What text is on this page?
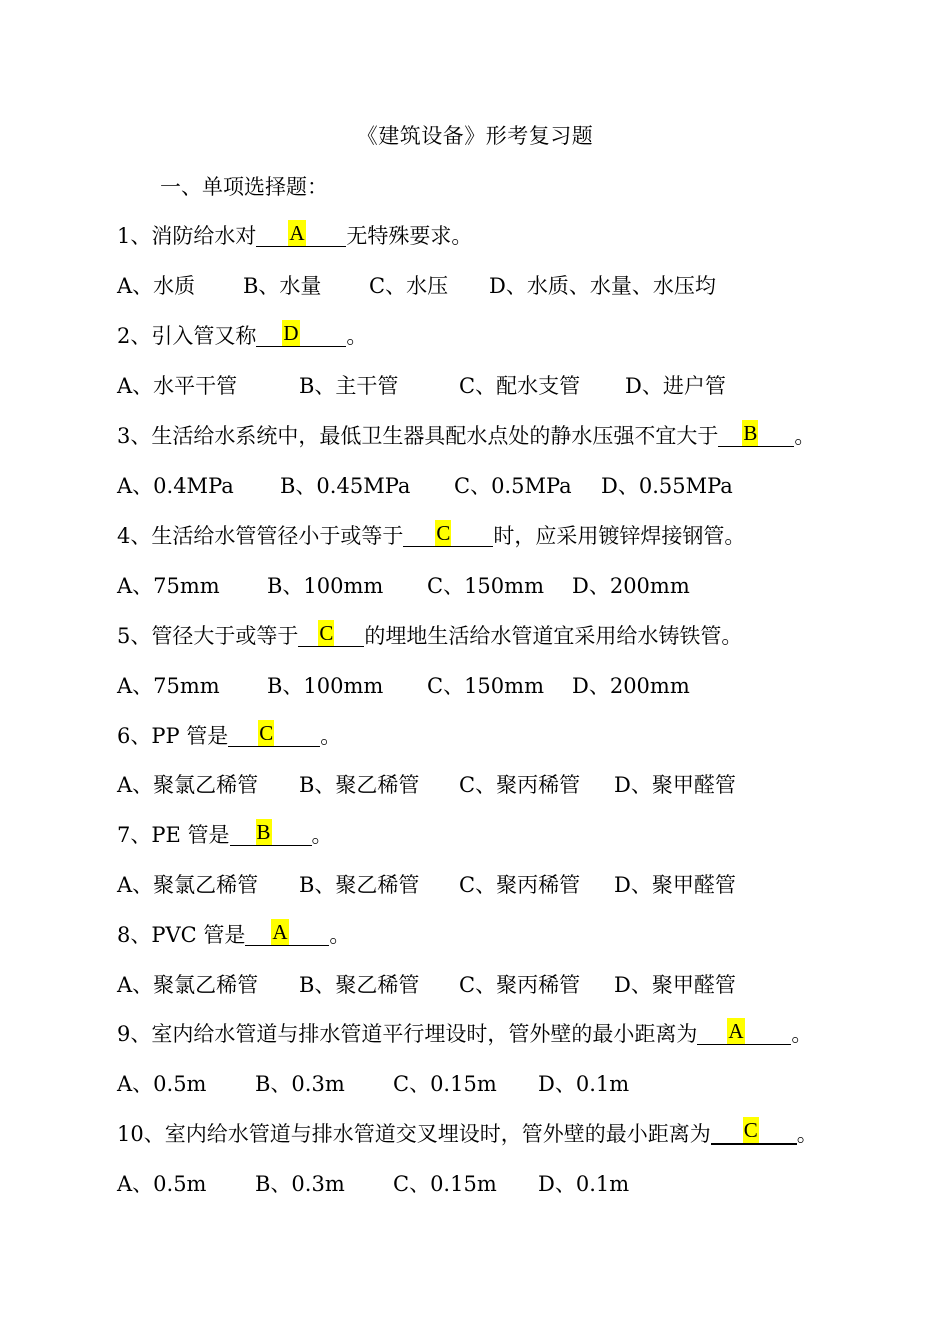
《建筑设备》形考复习题
一、单项选择题：
1、消防给水对 A 无特殊要求。
A、水质 B、水量 C、水压 D、水质、水量、水压均
2、引入管又称 D 。
A、水平干管	B、主干管	C、配水支管 D、进户管
3、生活给水系统中，最低卫生器具配水点处的静水压强不宜大于 B 。
A、0.4MPa B、0.45MPa C、0.5MPa D、0.55MPa
4、生活给水管管径小于或等于 C 时，应采用镀锌焊接钢管。
A、75mm B、100mm C、150mm D、200mm
5、管径大于或等于 C 的埋地生活给水管道宜采用给水铸铁管。
A、75mm B、100mm C、150mm D、200mm
6、PP 管是 C 。
A、聚氯乙稀管 B、聚乙稀管 C、聚丙稀管 D、聚甲醛管
7、PE 管是 B 。
A、聚氯乙稀管 B、聚乙稀管 C、聚丙稀管 D、聚甲醛管
8、PVC 管是 A 。
A、聚氯乙稀管 B、聚乙稀管 C、聚丙稀管 D、聚甲醛管
9、室内给水管道与排水管道平行埋设时，管外壁的最小距离为 A 。
A、0.5m B、0.3m C、0.15m D、0.1m
10、室内给水管道与排水管道交叉埋设时，管外壁的最小距离为 C 。
A、0.5m B、0.3m C、0.15m D、0.1m
